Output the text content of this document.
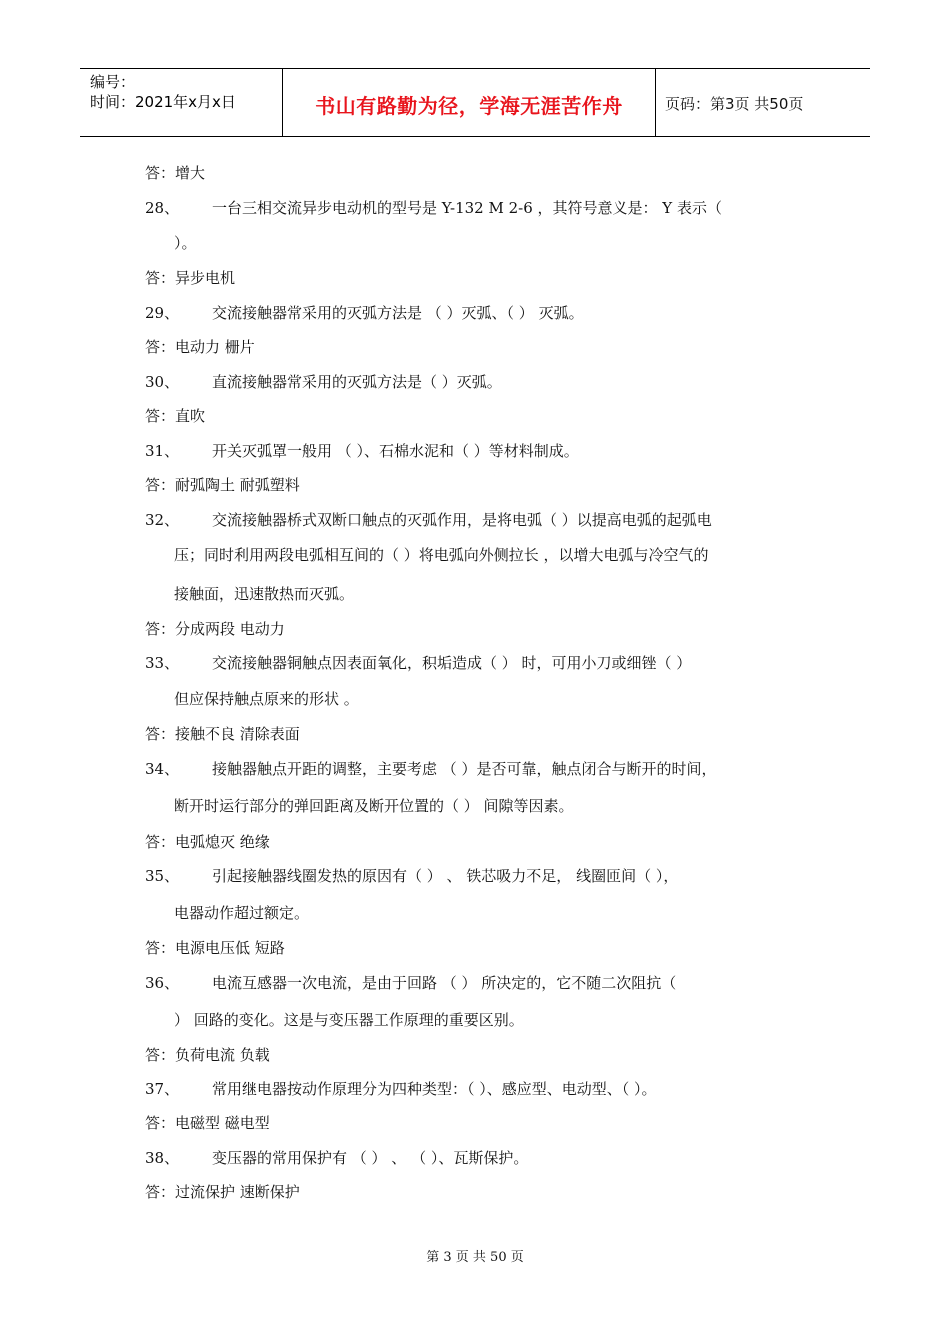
编号：
时间：2021年x月x日	书山有路勤为径，学海无涯苦作舟	页码：第3页 共50页
答：增大
28、 一台三相交流异步电动机的型号是 Y-132 M 2-6 ，其符号意义是： Y 表示（
）。
答：异步电机
29、 交流接触器常采用的灭弧方法是 （ ）灭弧、（ ） 灭弧。
答：电动力 栅片
30、 直流接触器常采用的灭弧方法是（ ）灭弧。
答：直吹
31、 开关灭弧罩一般用 （ ）、石棉水泥和（ ）等材料制成。
答：耐弧陶土 耐弧塑料
32、 交流接触器桥式双断口触点的灭弧作用，是将电弧（ ）以提高电弧的起弧电
压；同时利用两段电弧相互间的（ ）将电弧向外侧拉长 ，以增大电弧与冷空气的
接触面，迅速散热而灭弧。
答：分成两段 电动力
33、 交流接触器铜触点因表面氧化，积垢造成（ ） 时，可用小刀或细锉（ ）
但应保持触点原来的形状 。
答：接触不良 清除表面
34、 接触器触点开距的调整，主要考虑 （ ）是否可靠，触点闭合与断开的时间，
断开时运行部分的弹回距离及断开位置的（ ） 间隙等因素。
答：电弧熄灭 绝缘
35、 引起接触器线圈发热的原因有（ ） 、 铁芯吸力不足， 线圈匝间（ ），
电器动作超过额定。
答：电源电压低 短路
36、 电流互感器一次电流，是由于回路 （ ） 所决定的，它不随二次阻抗（
） 回路的变化。这是与变压器工作原理的重要区别。
答：负荷电流 负载
37、 常用继电器按动作原理分为四种类型：（ ）、感应型、电动型、（ ）。
答：电磁型 磁电型
38、 变压器的常用保护有 （ ） 、 （ ）、瓦斯保护。
答：过流保护 速断保护
第 3 页 共 50 页
